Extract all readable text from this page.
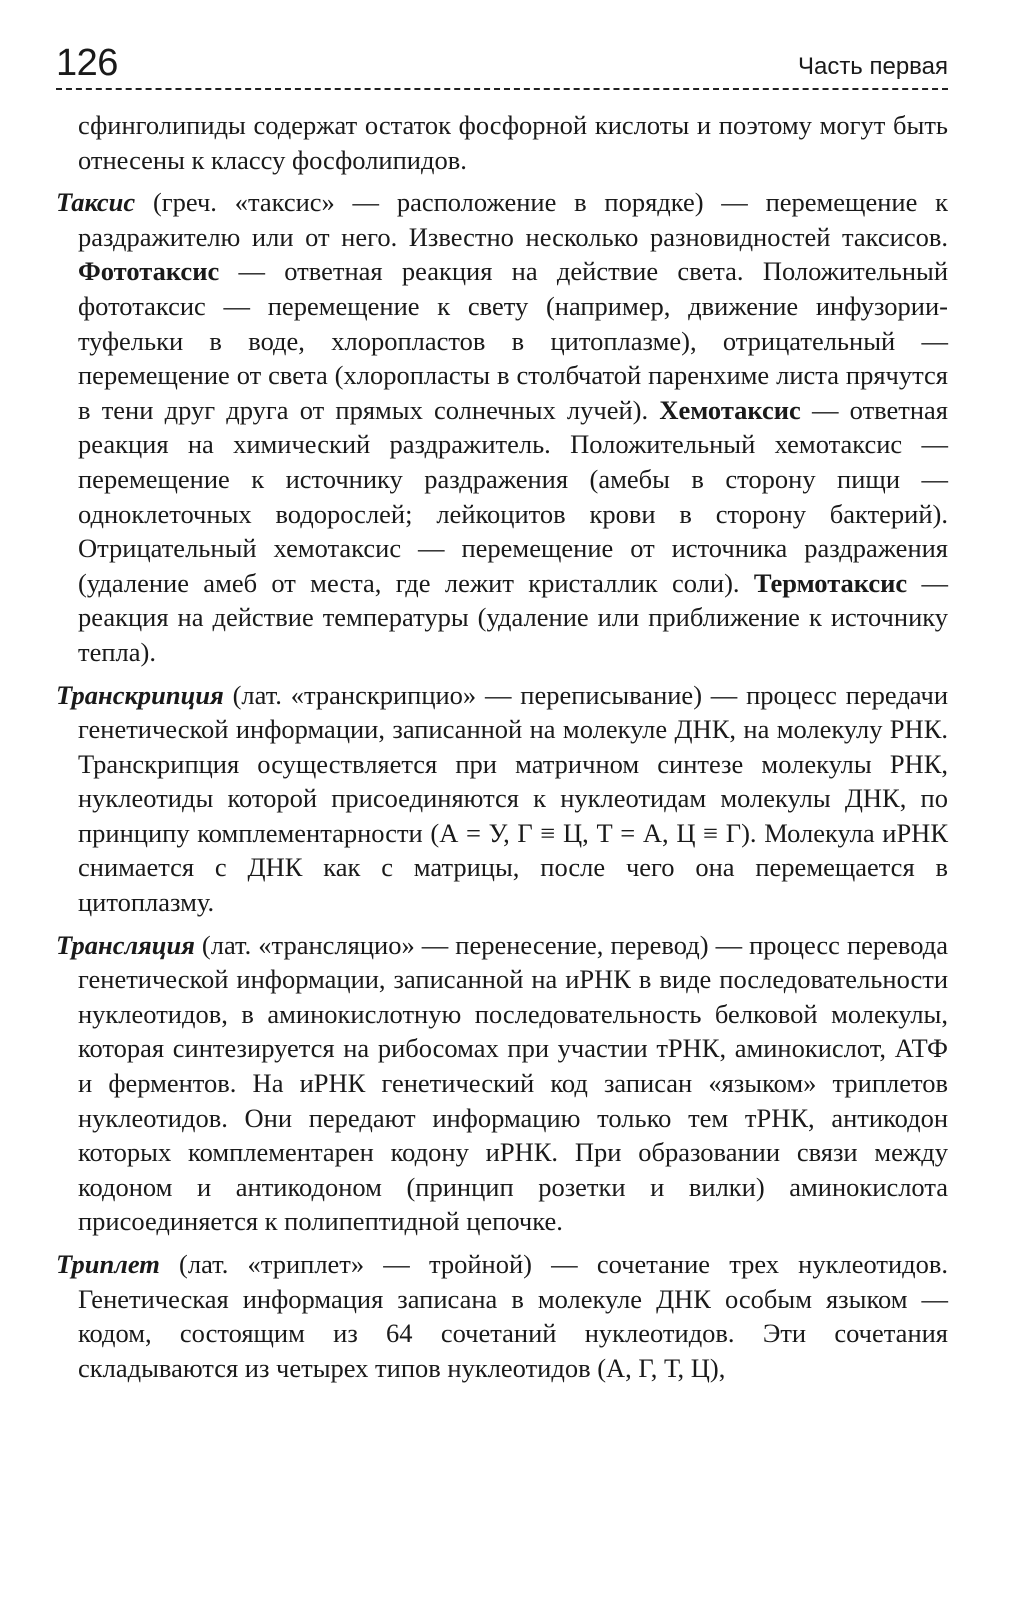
126	Часть первая

сфинголипиды содержат остаток фосфорной кислоты и поэтому могут быть отнесены к классу фосфолипидов.

Таксис (греч. «таксис» — расположение в порядке) — перемещение к раздражителю или от него. Известно несколько разновидностей таксисов. Фототаксис — ответная реакция на действие света. Положительный фототаксис — перемещение к свету (например, движение инфузории-туфельки в воде, хлоропластов в цитоплазме), отрицательный — перемещение от света (хлоропласты в столбчатой паренхиме листа прячутся в тени друг друга от прямых солнечных лучей). Хемотаксис — ответная реакция на химический раздражитель. Положительный хемотаксис — перемещение к источнику раздражения (амебы в сторону пищи — одноклеточных водорослей; лейкоцитов крови в сторону бактерий). Отрицательный хемотаксис — перемещение от источника раздражения (удаление амеб от места, где лежит кристаллик соли). Термотаксис — реакция на действие температуры (удаление или приближение к источнику тепла).

Транскрипция (лат. «транскрипцио» — переписывание) — процесс передачи генетической информации, записанной на молекуле ДНК, на молекулу РНК. Транскрипция осуществляется при матричном синтезе молекулы РНК, нуклеотиды которой присоединяются к нуклеотидам молекулы ДНК, по принципу комплементарности (А = У, Г ≡ Ц, Т = А, Ц ≡ Г). Молекула иРНК снимается с ДНК как с матрицы, после чего она перемещается в цитоплазму.

Трансляция (лат. «трансляцио» — перенесение, перевод) — процесс перевода генетической информации, записанной на иРНК в виде последовательности нуклеотидов, в аминокислотную последовательность белковой молекулы, которая синтезируется на рибосомах при участии тРНК, аминокислот, АТФ и ферментов. На иРНК генетический код записан «языком» триплетов нуклеотидов. Они передают информацию только тем тРНК, антикодон которых комплементарен кодону иРНК. При образовании связи между кодоном и антикодоном (принцип розетки и вилки) аминокислота присоединяется к полипептидной цепочке.

Триплет (лат. «триплет» — тройной) — сочетание трех нуклеотидов. Генетическая информация записана в молекуле ДНК особым языком — кодом, состоящим из 64 сочетаний нуклеотидов. Эти сочетания складываются из четырех типов нуклеотидов (А, Г, Т, Ц),
